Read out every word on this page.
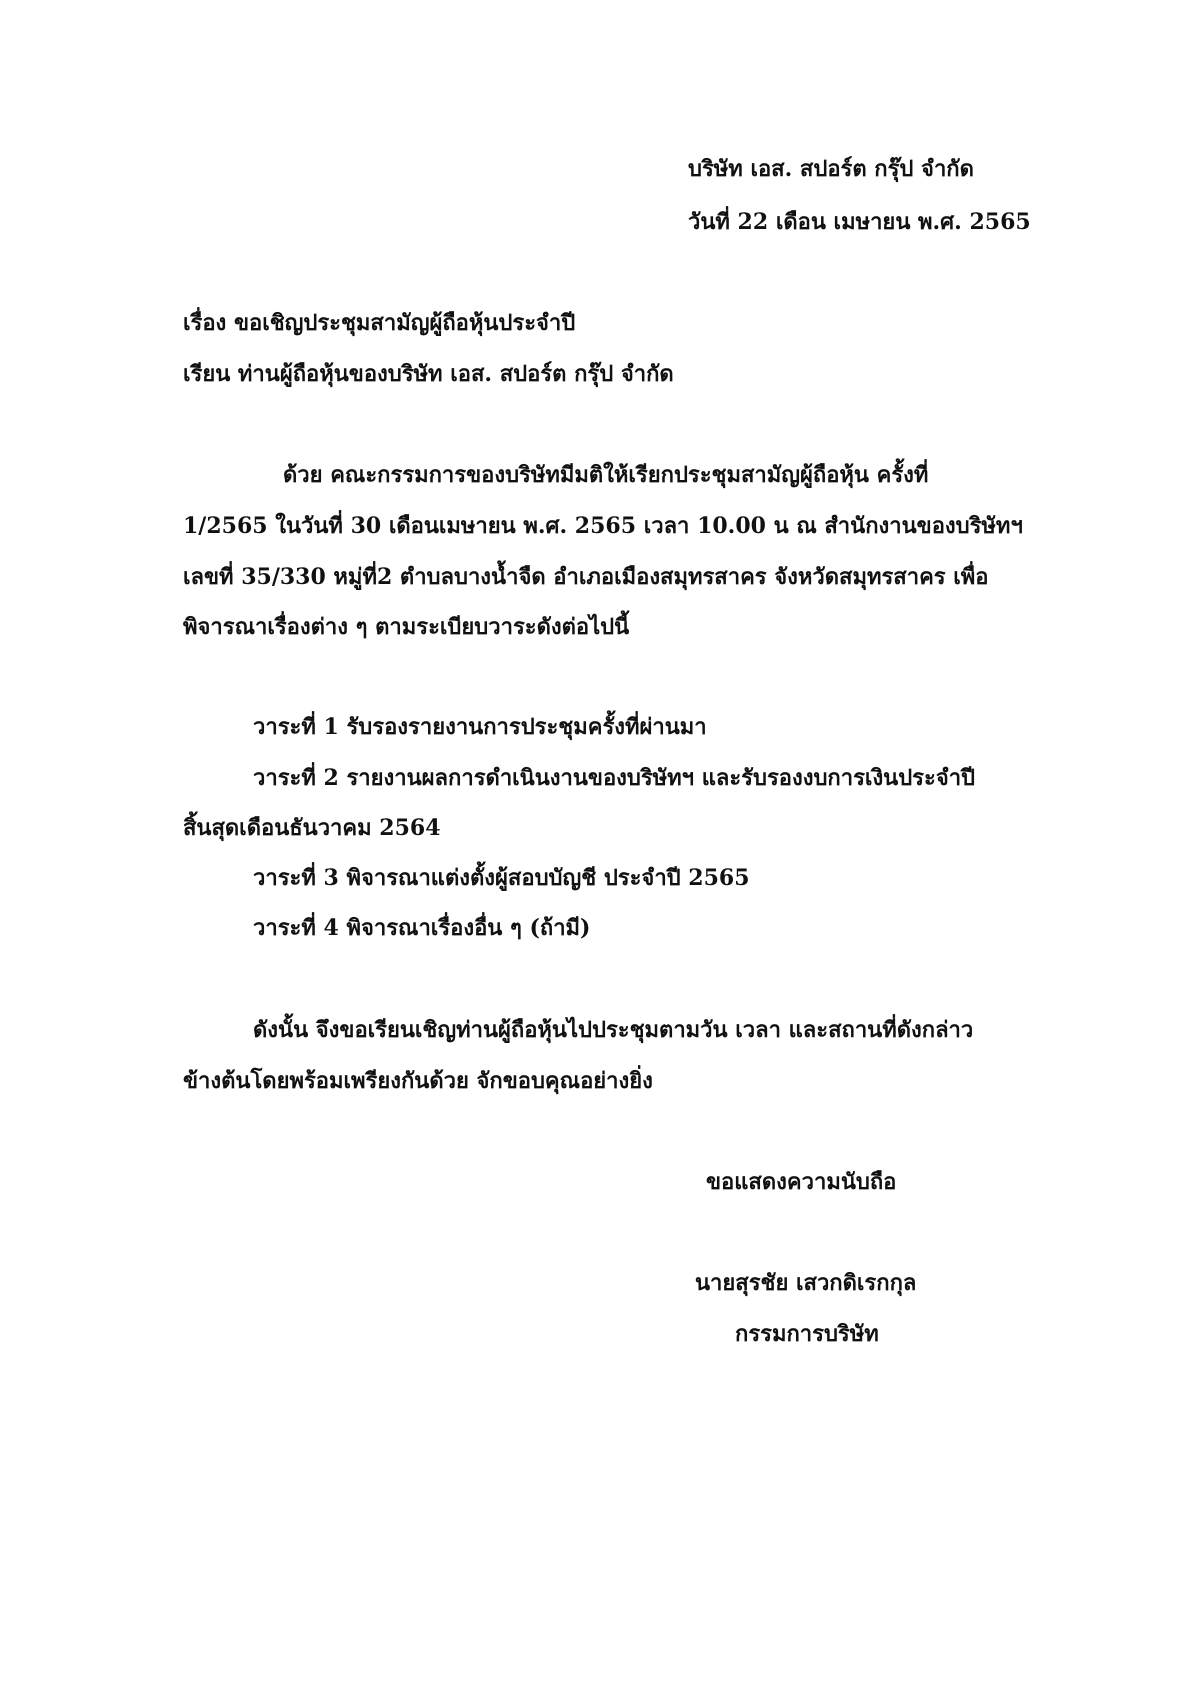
บริษัท เอส. สปอร์ต กรุ๊ป จำกัด
วันที่ 22 เดือน เมษายน พ.ศ. 2565
เรื่อง ขอเชิญประชุมสามัญผู้ถือหุ้นประจำปี
เรียน ท่านผู้ถือหุ้นของบริษัท เอส. สปอร์ต กรุ๊ป จำกัด
ด้วย คณะกรรมการของบริษัทมีมติให้เรียกประชุมสามัญผู้ถือหุ้น ครั้งที่
1/2565 ในวันที่ 30 เดือนเมษายน พ.ศ. 2565 เวลา 10.00 น ณ สำนักงานของบริษัทฯ
เลขที่ 35/330 หมู่ที่2 ตำบลบางน้ำจืด อำเภอเมืองสมุทรสาคร จังหวัดสมุทรสาคร เพื่อ
พิจารณาเรื่องต่าง ๆ ตามระเบียบวาระดังต่อไปนี้
วาระที่ 1 รับรองรายงานการประชุมครั้งที่ผ่านมา
วาระที่ 2 รายงานผลการดำเนินงานของบริษัทฯ และรับรองงบการเงินประจำปี
สิ้นสุดเดือนธันวาคม 2564
วาระที่ 3 พิจารณาแต่งตั้งผู้สอบบัญชี ประจำปี 2565
วาระที่ 4 พิจารณาเรื่องอื่น ๆ (ถ้ามี)
ดังนั้น จึงขอเรียนเชิญท่านผู้ถือหุ้นไปประชุมตามวัน เวลา และสถานที่ดังกล่าว
ข้างต้นโดยพร้อมเพรียงกันด้วย จักขอบคุณอย่างยิ่ง
ขอแสดงความนับถือ
นายสุรชัย เสวกดิเรกกุล
กรรมการบริษัท
